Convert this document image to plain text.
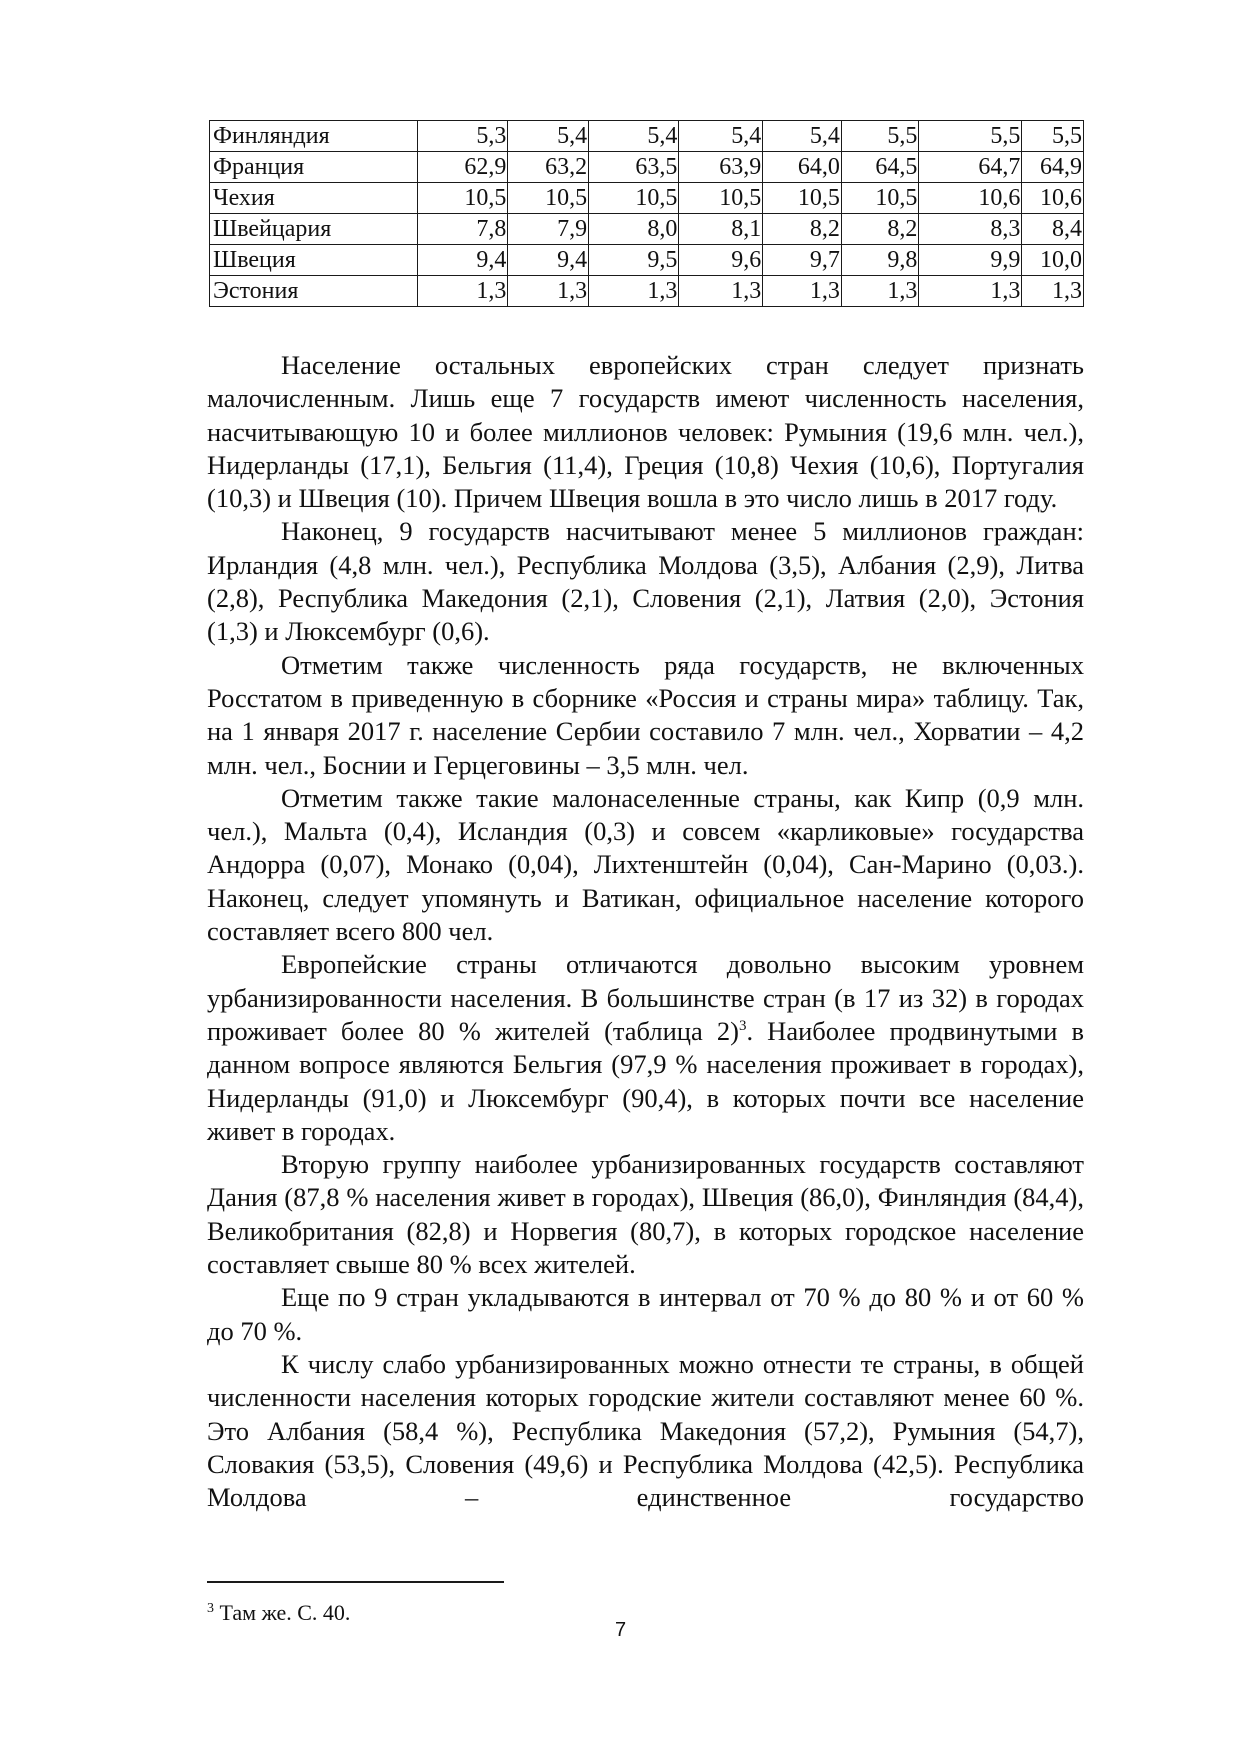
Финляндия	5,3	5,4	5,4	5,4	5,4	5,5	5,5	5,5
Франция	62,9	63,2	63,5	63,9	64,0	64,5	64,7	64,9
Чехия	10,5	10,5	10,5	10,5	10,5	10,5	10,6	10,6
Швейцария	7,8	7,9	8,0	8,1	8,2	8,2	8,3	8,4
Швеция	9,4	9,4	9,5	9,6	9,7	9,8	9,9	10,0
Эстония	1,3	1,3	1,3	1,3	1,3	1,3	1,3	1,3

Население остальных европейских стран следует признать малочисленным. Лишь еще 7 государств имеют численность населения, насчитывающую 10 и более миллионов человек: Румыния (19,6 млн. чел.), Нидерланды (17,1), Бельгия (11,4), Греция (10,8) Чехия (10,6), Португалия (10,3) и Швеция (10). Причем Швеция вошла в это число лишь в 2017 году.

Наконец, 9 государств насчитывают менее 5 миллионов граждан: Ирландия (4,8 млн. чел.), Республика Молдова (3,5), Албания (2,9), Литва (2,8), Республика Македония (2,1), Словения (2,1), Латвия (2,0), Эстония (1,3) и Люксембург (0,6).

Отметим также численность ряда государств, не включенных Росстатом в приведенную в сборнике «Россия и страны мира» таблицу. Так, на 1 января 2017 г. население Сербии составило 7 млн. чел., Хорватии – 4,2 млн. чел., Боснии и Герцеговины – 3,5 млн. чел.

Отметим также такие малонаселенные страны, как Кипр (0,9 млн. чел.), Мальта (0,4), Исландия (0,3) и совсем «карликовые» государства Андорра (0,07), Монако (0,04), Лихтенштейн (0,04), Сан-Марино (0,03.). Наконец, следует упомянуть и Ватикан, официальное население которого составляет всего 800 чел.

Европейские страны отличаются довольно высоким уровнем урбанизированности населения. В большинстве стран (в 17 из 32) в городах проживает более 80 % жителей (таблица 2)$^3$. Наиболее продвинутыми в данном вопросе являются Бельгия (97,9 % населения проживает в городах), Нидерланды (91,0) и Люксембург (90,4), в которых почти все население живет в городах.

Вторую группу наиболее урбанизированных государств составляют Дания (87,8 % населения живет в городах), Швеция (86,0), Финляндия (84,4), Великобритания (82,8) и Норвегия (80,7), в которых городское население составляет свыше 80 % всех жителей.

Еще по 9 стран укладываются в интервал от 70 % до 80 % и от 60 % до 70 %.

К числу слабо урбанизированных можно отнести те страны, в общей численности населения которых городские жители составляют менее 60 %. Это Албания (58,4 %), Республика Македония (57,2), Румыния (54,7), Словакия (53,5), Словения (49,6) и Республика Молдова (42,5). Республика Молдова – единственное государство

$^3$ Там же. С. 40.
7
